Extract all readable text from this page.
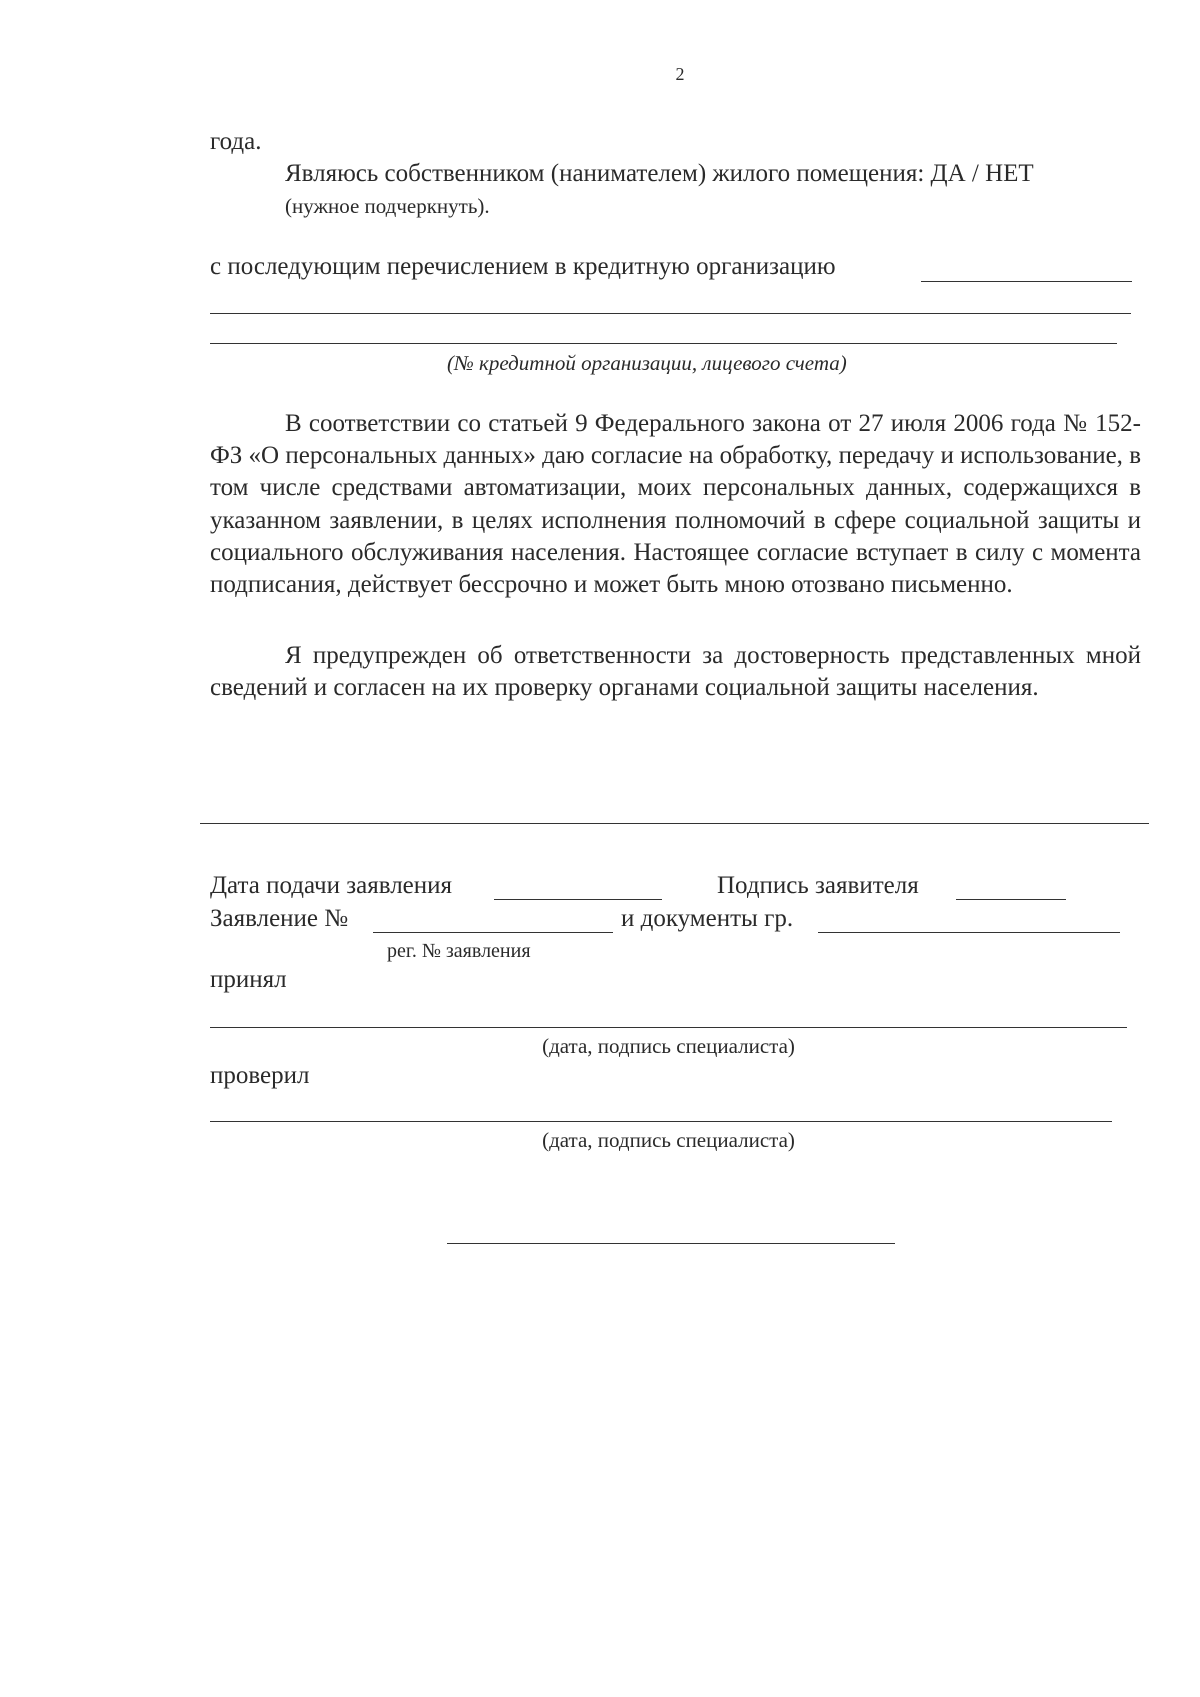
2
года.
Являюсь собственником (нанимателем) жилого помещения: ДА / НЕТ
(нужное подчеркнуть).
с последующим перечислением в кредитную организацию
(№ кредитной организации, лицевого счета)

В соответствии со статьей 9 Федерального закона от 27 июля 2006 года № 152-ФЗ «О персональных данных» даю согласие на обработку, передачу и использование, в том числе средствами автоматизации, моих персональных данных, содержащихся в указанном заявлении, в целях исполнения полномочий в сфере социальной защиты и социального обслуживания населения. Настоящее согласие вступает в силу с момента подписания, действует бессрочно и может быть мною отозвано письменно.

Я предупрежден об ответственности за достоверность представленных мной сведений и согласен на их проверку органами социальной защиты населения.

Дата подачи заявления	Подпись заявителя
Заявление №	и документы гр.
рег. № заявления
принял
(дата, подпись специалиста)
проверил
(дата, подпись специалиста)
